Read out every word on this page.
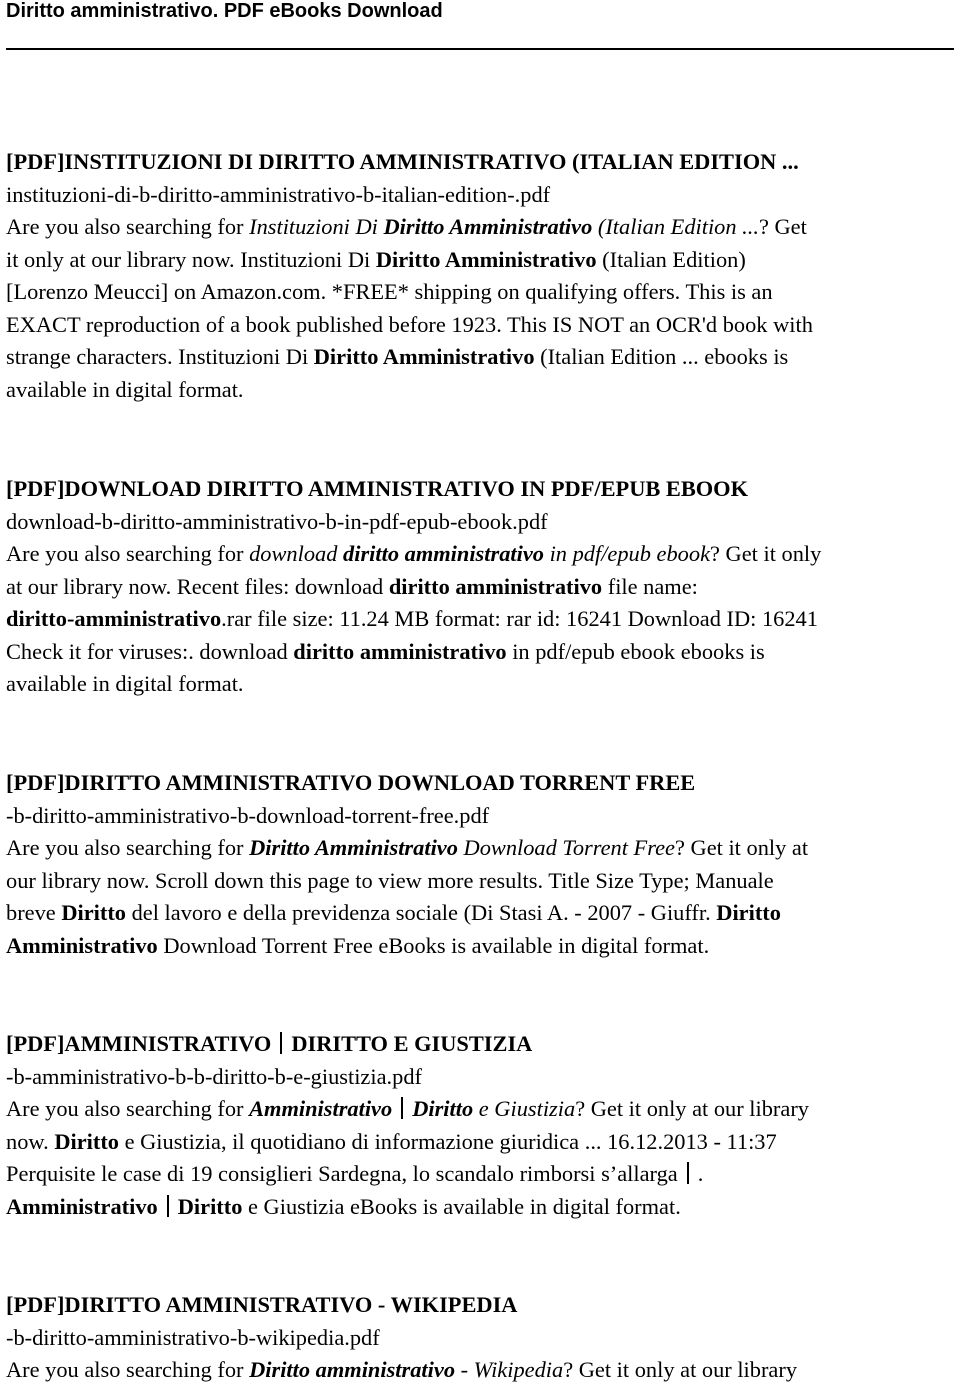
Diritto amministrativo. PDF eBooks Download
[PDF]INSTITUZIONI DI DIRITTO AMMINISTRATIVO (ITALIAN EDITION ...
instituzioni-di-b-diritto-amministrativo-b-italian-edition-.pdf
Are you also searching for Instituzioni Di Diritto Amministrativo (Italian Edition ...? Get
it only at our library now. Instituzioni Di Diritto Amministrativo (Italian Edition)
[Lorenzo Meucci] on Amazon.com. *FREE* shipping on qualifying offers. This is an
EXACT reproduction of a book published before 1923. This IS NOT an OCR'd book with
strange characters. Instituzioni Di Diritto Amministrativo (Italian Edition ... ebooks is
available in digital format.
[PDF]DOWNLOAD DIRITTO AMMINISTRATIVO IN PDF/EPUB EBOOK
download-b-diritto-amministrativo-b-in-pdf-epub-ebook.pdf
Are you also searching for download diritto amministrativo in pdf/epub ebook? Get it only
at our library now. Recent files: download diritto amministrativo file name:
diritto-amministrativo.rar file size: 11.24 MB format: rar id: 16241 Download ID: 16241
Check it for viruses:. download diritto amministrativo in pdf/epub ebook ebooks is
available in digital format.
[PDF]DIRITTO AMMINISTRATIVO DOWNLOAD TORRENT FREE
-b-diritto-amministrativo-b-download-torrent-free.pdf
Are you also searching for Diritto Amministrativo Download Torrent Free? Get it only at
our library now. Scroll down this page to view more results. Title Size Type; Manuale
breve Diritto del lavoro e della previdenza sociale (Di Stasi A. - 2007 - Giuffr. Diritto
Amministrativo Download Torrent Free eBooks is available in digital format.
[PDF]AMMINISTRATIVO DIRITTO E GIUSTIZIA
-b-amministrativo-b-b-diritto-b-e-giustizia.pdf
Are you also searching for Amministrativo Diritto e Giustizia? Get it only at our library
now. Diritto e Giustizia, il quotidiano di informazione giuridica ... 16.12.2013 - 11:37
Perquisite le case di 19 consiglieri Sardegna, lo scandalo rimborsi s’allarga .
Amministrativo Diritto e Giustizia eBooks is available in digital format.
[PDF]DIRITTO AMMINISTRATIVO - WIKIPEDIA
-b-diritto-amministrativo-b-wikipedia.pdf
Are you also searching for Diritto amministrativo - Wikipedia? Get it only at our library
